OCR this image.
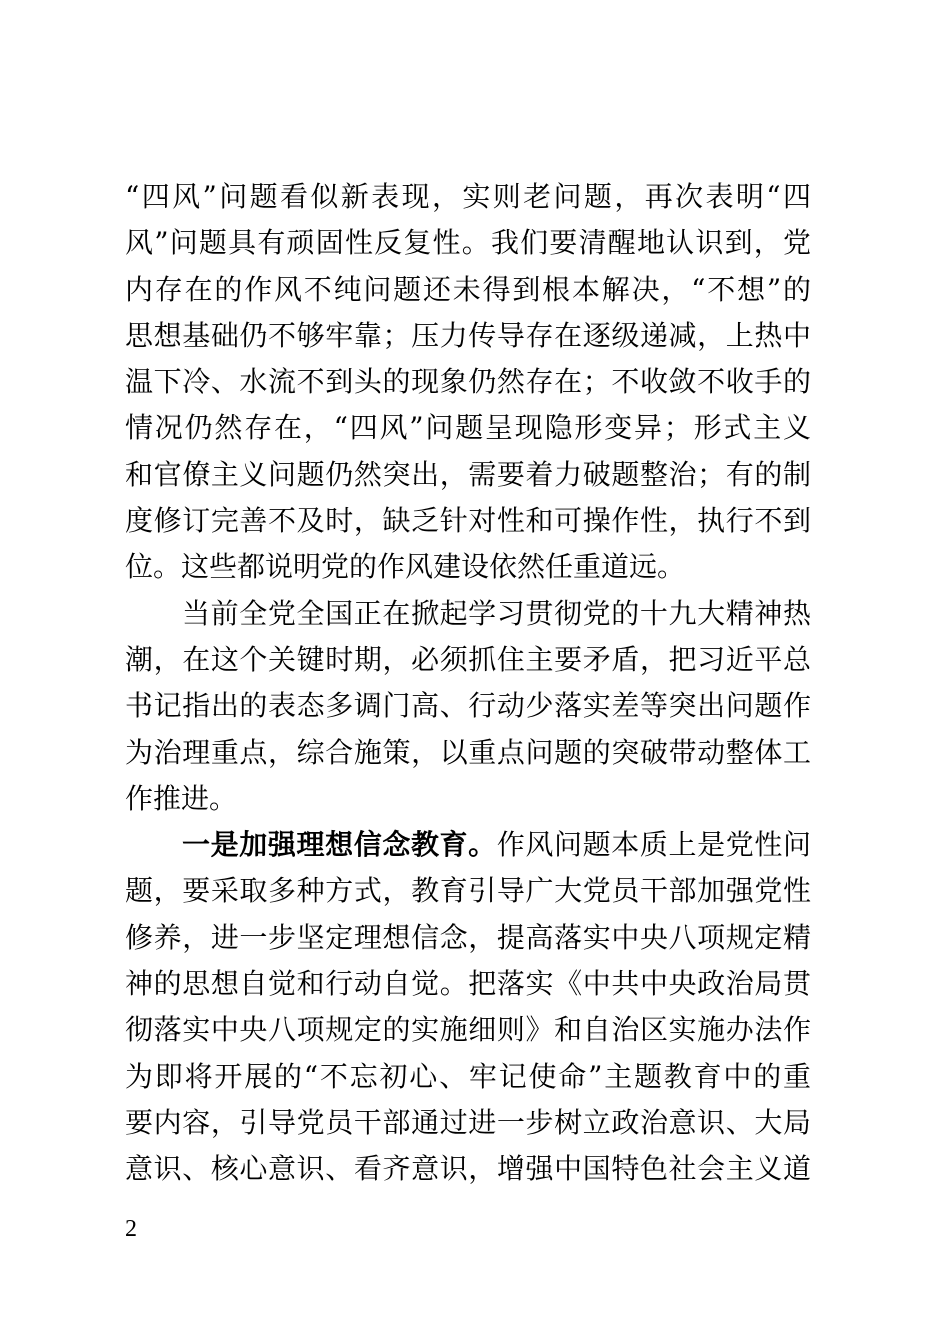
“四风”问题看似新表现，实则老问题，再次表明“四
风”问题具有顽固性反复性。我们要清醒地认识到，党
内存在的作风不纯问题还未得到根本解决，“不想”的
思想基础仍不够牢靠；压力传导存在逐级递减，上热中
温下冷、水流不到头的现象仍然存在；不收敛不收手的
情况仍然存在，“四风”问题呈现隐形变异；形式主义
和官僚主义问题仍然突出，需要着力破题整治；有的制
度修订完善不及时，缺乏针对性和可操作性，执行不到
位。这些都说明党的作风建设依然任重道远。
当前全党全国正在掀起学习贯彻党的十九大精神热
潮，在这个关键时期，必须抓住主要矛盾，把习近平总
书记指出的表态多调门高、行动少落实差等突出问题作
为治理重点，综合施策，以重点问题的突破带动整体工
作推进。
一是加强理想信念教育。作风问题本质上是党性问
题，要采取多种方式，教育引导广大党员干部加强党性
修养，进一步坚定理想信念，提高落实中央八项规定精
神的思想自觉和行动自觉。把落实《中共中央政治局贯
彻落实中央八项规定的实施细则》和自治区实施办法作
为即将开展的“不忘初心、牢记使命”主题教育中的重
要内容，引导党员干部通过进一步树立政治意识、大局
意识、核心意识、看齐意识，增强中国特色社会主义道
2
